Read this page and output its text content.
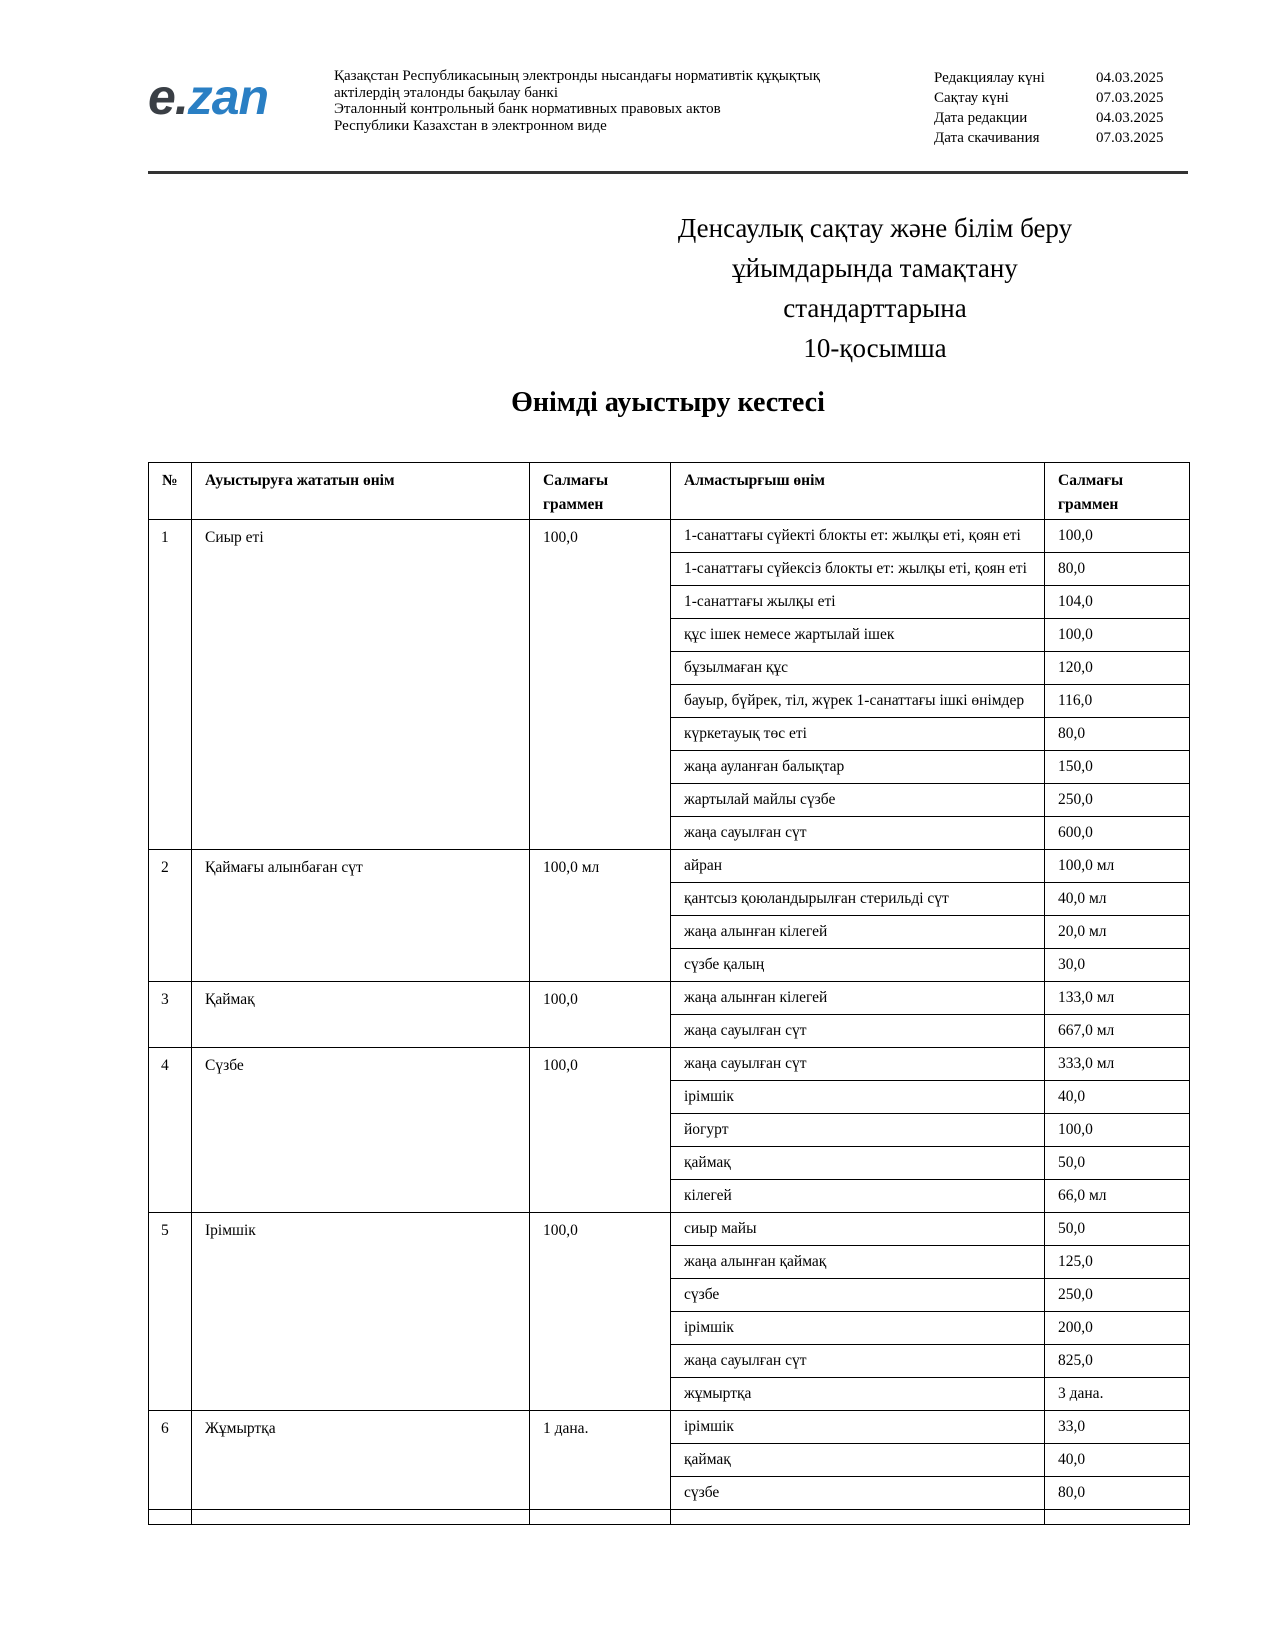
e.zan	Қазақстан Республикасының электронды нысандағы нормативтік құқықтық
актілердің эталонды бақылау банкі
Эталонный контрольный банк нормативных правовых актов
Республики Казахстан в электронном виде
Редакциялау күні	04.03.2025
Сақтау күні	07.03.2025
Дата редакции	04.03.2025
Дата скачивания	07.03.2025
Денсаулық сақтау және білім беру
ұйымдарында тамақтану
стандарттарына
10-қосымша
Өнімді ауыстыру кестесі
№	Ауыстыруға жататын өнім	Салмағы граммен	Алмастырғыш өнім	Салмағы граммен
1	Сиыр еті	100,0	1-санаттағы сүйекті блокты ет: жылқы еті, қоян еті	100,0
			1-санаттағы сүйексіз блокты ет: жылқы еті, қоян еті	80,0
			1-санаттағы жылқы еті	104,0
			құс ішек немесе жартылай ішек	100,0
			бұзылмаған құс	120,0
			бауыр, бүйрек, тіл, жүрек 1-санаттағы ішкі өнімдер	116,0
			күркетауық төс еті	80,0
			жаңа ауланған балықтар	150,0
			жартылай майлы сүзбе	250,0
			жаңа сауылған сүт	600,0
2	Қаймағы алынбаған сүт	100,0 мл	айран	100,0 мл
			қантсыз қоюландырылған стерильді сүт	40,0 мл
			жаңа алынған кілегей	20,0 мл
			сүзбе қалың	30,0
3	Қаймақ	100,0	жаңа алынған кілегей	133,0 мл
			жаңа сауылған сүт	667,0 мл
4	Сүзбе	100,0	жаңа сауылған сүт	333,0 мл
			ірімшік	40,0
			йогурт	100,0
			қаймақ	50,0
			кілегей	66,0 мл
5	Ірімшік	100,0	сиыр майы	50,0
			жаңа алынған қаймақ	125,0
			сүзбе	250,0
			ірімшік	200,0
			жаңа сауылған сүт	825,0
			жұмыртқа	3 дана.
6	Жұмыртқа	1 дана.	ірімшік	33,0
			қаймақ	40,0
			сүзбе	80,0
